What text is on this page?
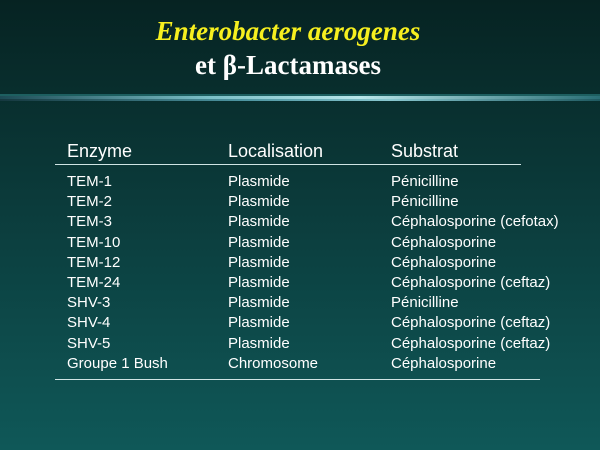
Enterobacter aerogenes
et β-Lactamases
Enzyme	Localisation	Substrat
TEM-1	Plasmide	Pénicilline
TEM-2	Plasmide	Pénicilline
TEM-3	Plasmide	Céphalosporine (cefotax)
TEM-10	Plasmide	Céphalosporine
TEM-12	Plasmide	Céphalosporine
TEM-24	Plasmide	Céphalosporine (ceftaz)
SHV-3	Plasmide	Pénicilline
SHV-4	Plasmide	Céphalosporine (ceftaz)
SHV-5	Plasmide	Céphalosporine (ceftaz)
Groupe 1 Bush	Chromosome	Céphalosporine
